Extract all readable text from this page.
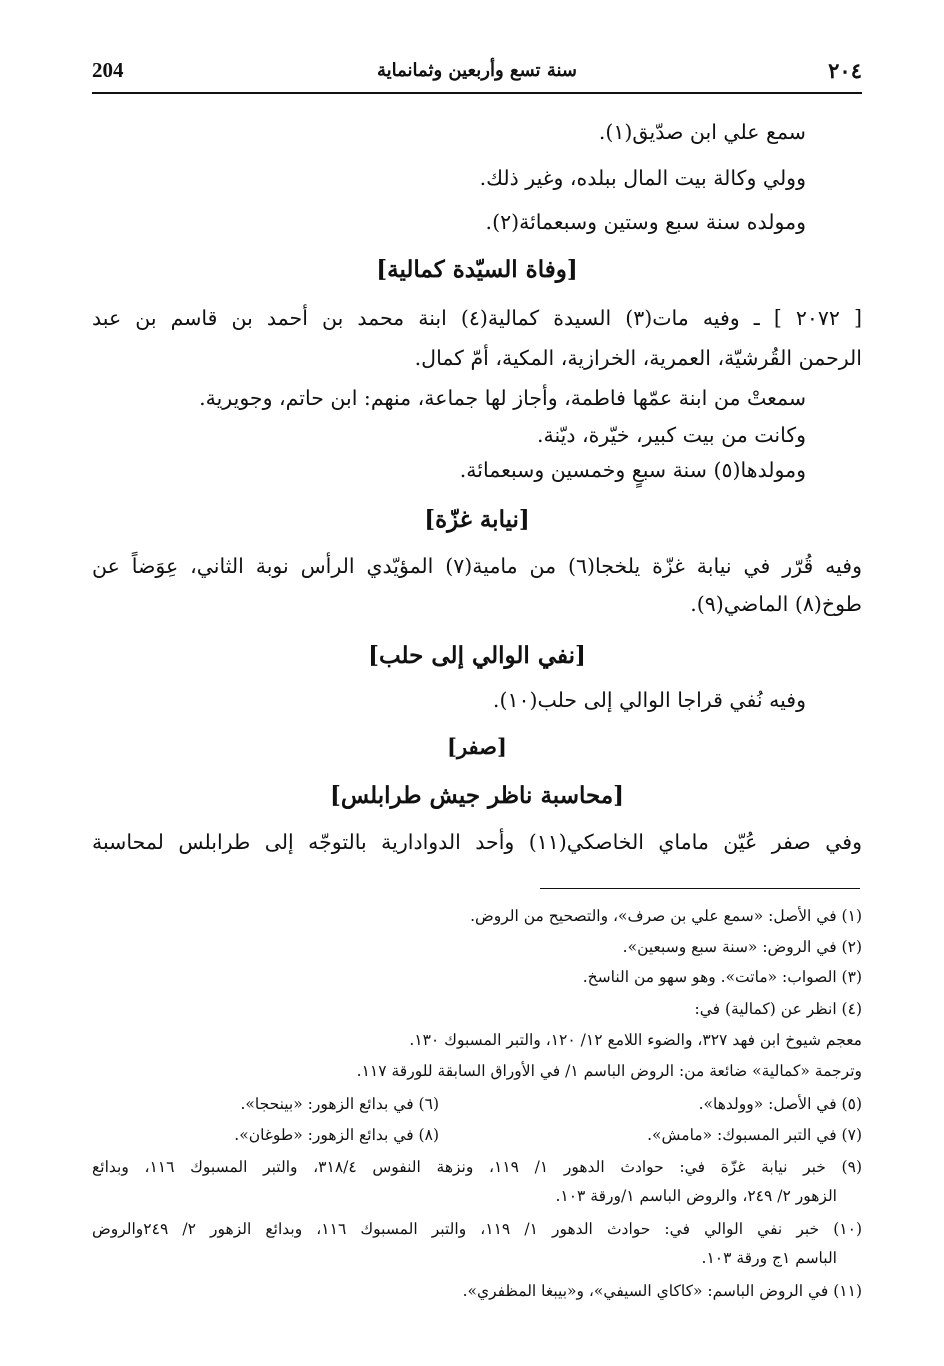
204	سنة تسع وأربعين وثمانماية	٢٠٤
سمع علي ابن صدّيق(١).
وولي وكالة بيت المال ببلده، وغير ذلك.
ومولده سنة سبع وستين وسبعمائة(٢).
[وفاة السيّدة كمالية]
[ ٢٠٧٢ ] ـ وفيه مات(٣) السيدة كمالية(٤) ابنة محمد بن أحمد بن قاسم بن عبد
الرحمن القُرشيّة، العمرية، الخرازية، المكية، أمّ كمال.
سمعتْ من ابنة عمّها فاطمة، وأجاز لها جماعة، منهم: ابن حاتم، وجويرية.
وكانت من بيت كبير، خيّرة، ديّنة.
ومولدها(٥) سنة سبعٍ وخمسين وسبعمائة.
[نيابة غزّة]
وفيه قُرّر في نيابة غزّة يلخجا(٦) من مامية(٧) المؤيّدي الرأس نوبة الثاني، عِوَضاً عن
طوخ(٨) الماضي(٩).
[نفي الوالي إلى حلب]
وفيه نُفي قراجا الوالي إلى حلب(١٠).
[صفر]
[محاسبة ناظر جيش طرابلس]
وفي صفر عُيّن ماماي الخاصكي(١١) وأحد الدوادارية بالتوجّه إلى طرابلس لمحاسبة
(١) في الأصل: «سمع علي بن صرف»، والتصحيح من الروض.
(٢) في الروض: «سنة سبع وسبعين».
(٣) الصواب: «ماتت». وهو سهو من الناسخ.
(٤) انظر عن (كمالية) في:
معجم شيوخ ابن فهد ٣٢٧، والضوء اللامع ١٢/ ١٢٠، والتبر المسبوك ١٣٠.
وترجمة «كمالية» ضائعة من: الروض الباسم ١/ في الأوراق السابقة للورقة ١١٧.
(٥) في الأصل: «وولدها».
(٦) في بدائع الزهور: «بينحجا».
(٧) في التبر المسبوك: «مامش».
(٨) في بدائع الزهور: «طوغان».
(٩) خبر نيابة غزّة في: حوادث الدهور ١/ ١١٩، ونزهة النفوس ٣١٨/٤، والتبر المسبوك ١١٦، وبدائع
الزهور ٢/ ٢٤٩، والروض الباسم ١/ورقة ١٠٣.
(١٠) خبر نفي الوالي في: حوادث الدهور ١/ ١١٩، والتبر المسبوك ١١٦، وبدائع الزهور ٢/ ٢٤٩والروض
الباسم ١ج ورقة ١٠٣.
(١١) في الروض الباسم: «كاكاي السيفي»، و«بيبغا المظفري».
